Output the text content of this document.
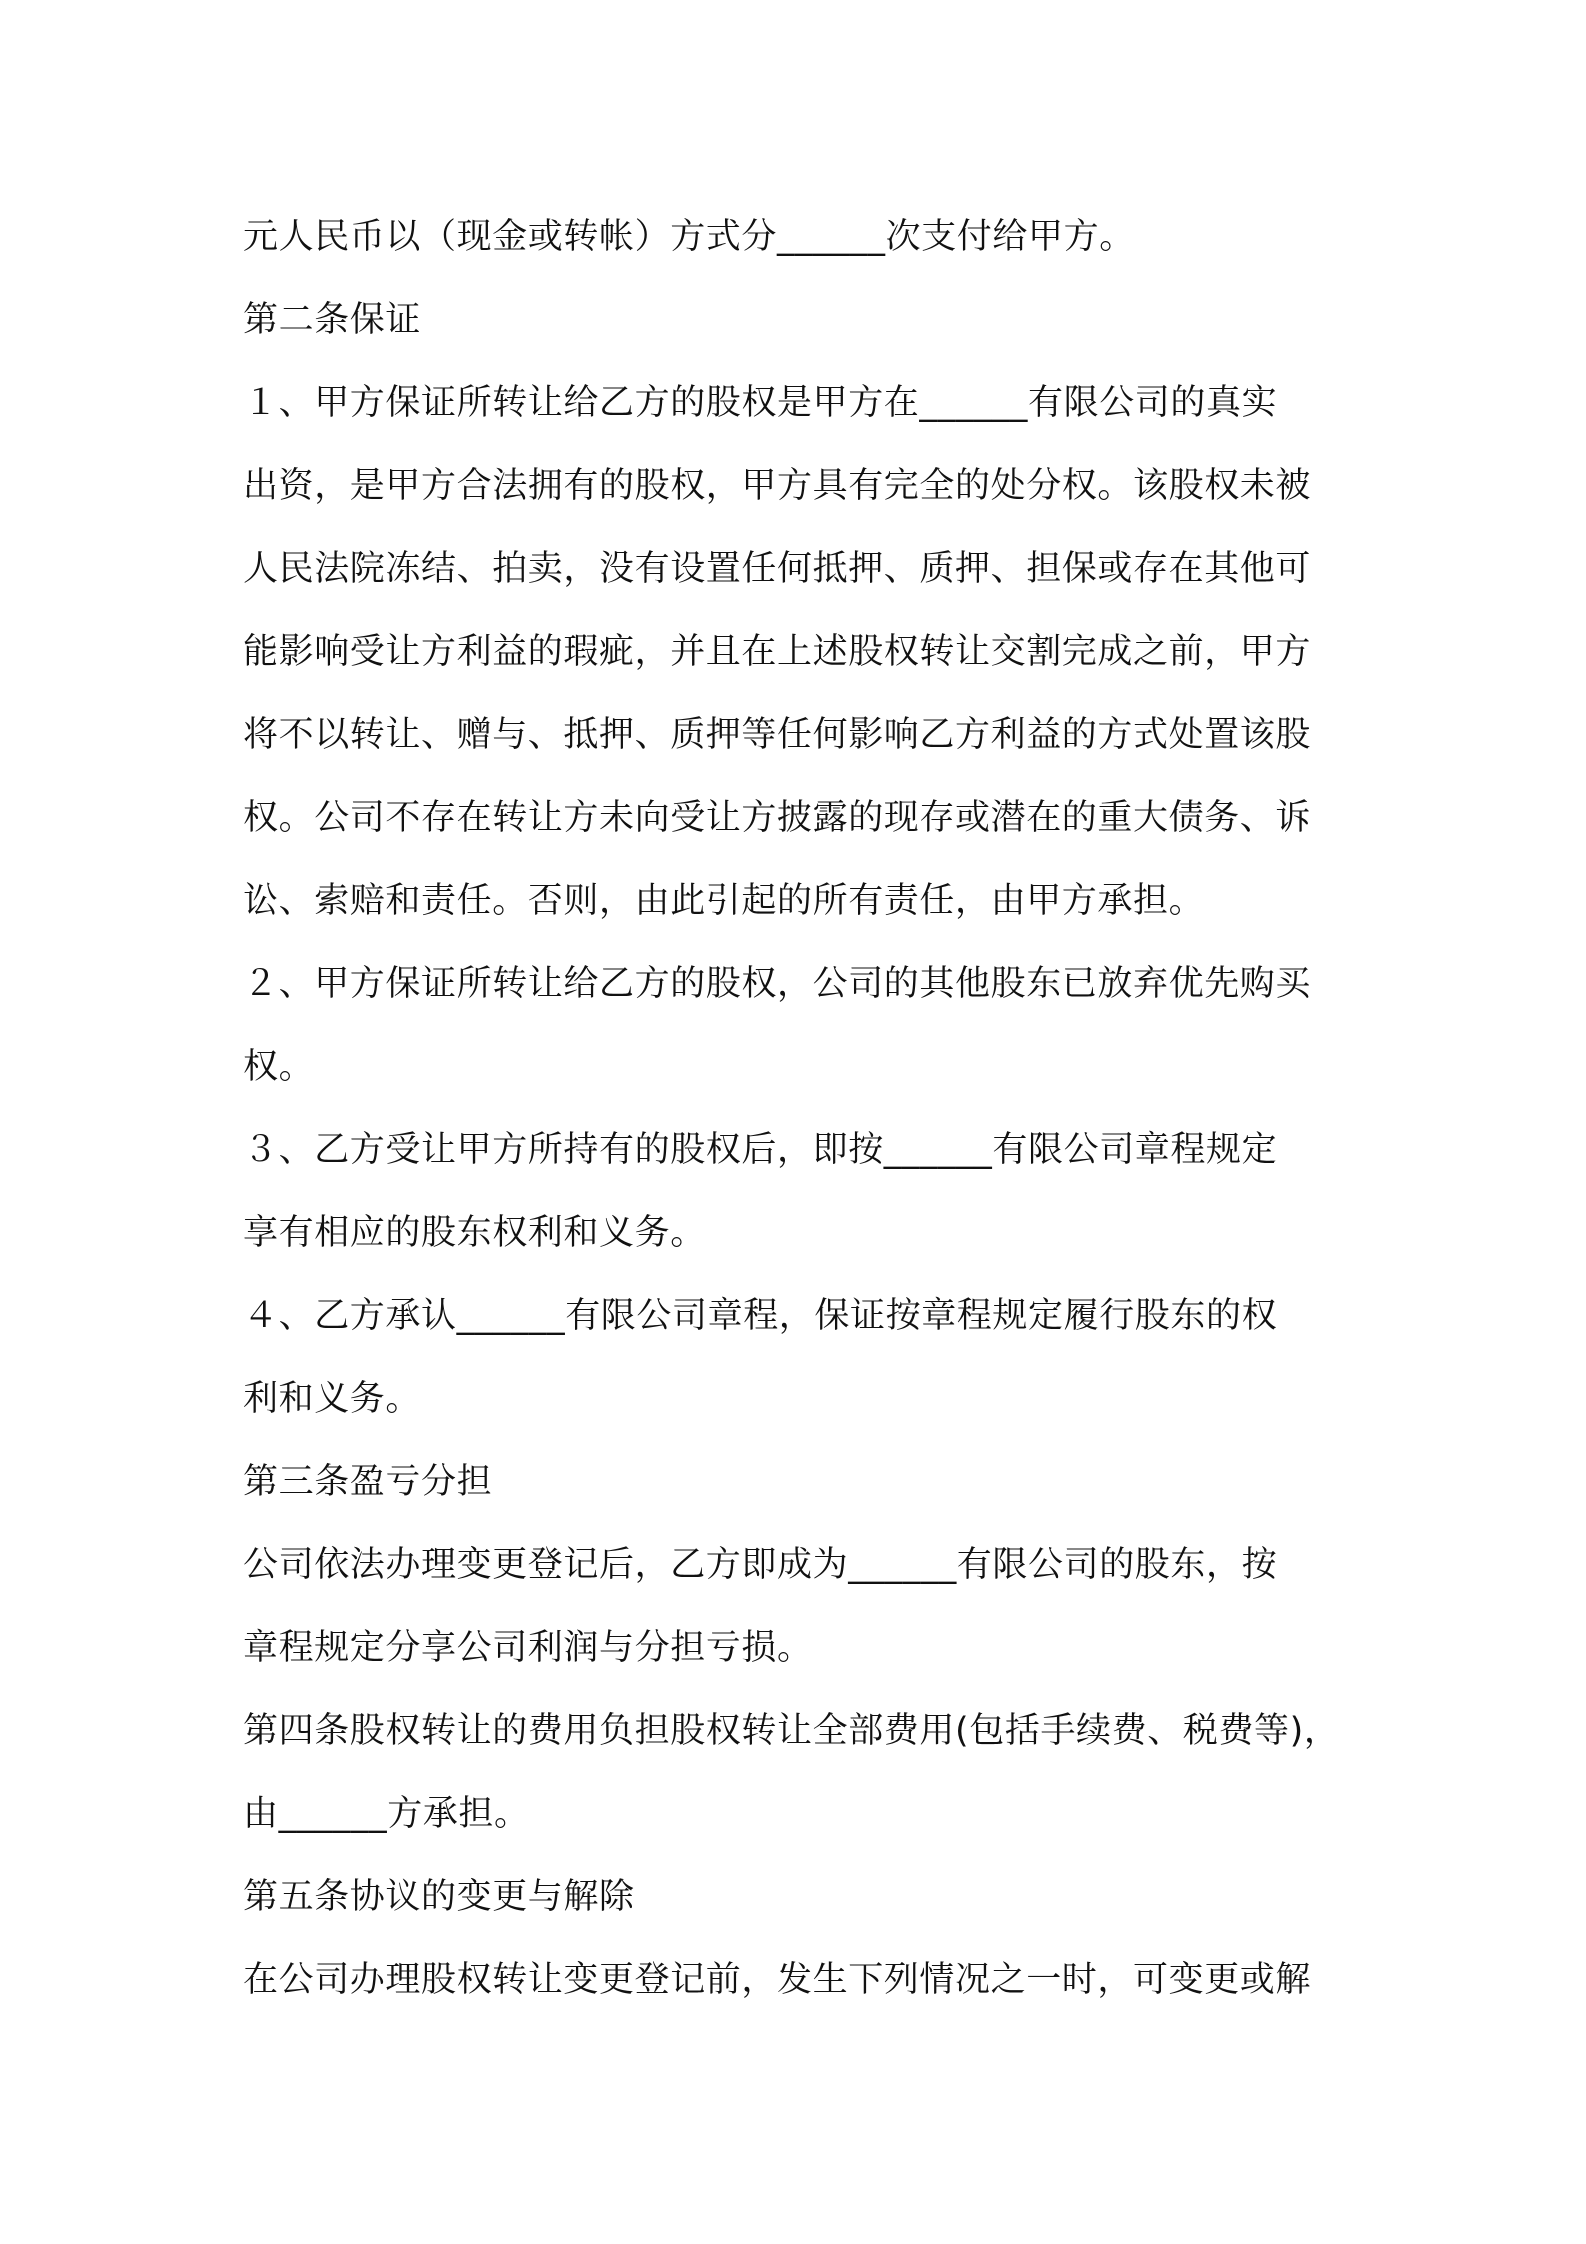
元人民币以（现金或转帐）方式分______次支付给甲方。
第二条保证
１、甲方保证所转让给乙方的股权是甲方在______有限公司的真实
出资，是甲方合法拥有的股权，甲方具有完全的处分权。该股权未被
人民法院冻结、拍卖，没有设置任何抵押、质押、担保或存在其他可
能影响受让方利益的瑕疵，并且在上述股权转让交割完成之前，甲方
将不以转让、赠与、抵押、质押等任何影响乙方利益的方式处置该股
权。公司不存在转让方未向受让方披露的现存或潜在的重大债务、诉
讼、索赔和责任。否则，由此引起的所有责任，由甲方承担。
２、甲方保证所转让给乙方的股权，公司的其他股东已放弃优先购买
权。
３、乙方受让甲方所持有的股权后，即按______有限公司章程规定
享有相应的股东权利和义务。
４、乙方承认______有限公司章程，保证按章程规定履行股东的权
利和义务。
第三条盈亏分担
公司依法办理变更登记后，乙方即成为______有限公司的股东，按
章程规定分享公司利润与分担亏损。
第四条股权转让的费用负担股权转让全部费用(包括手续费、税费等)，
由______方承担。
第五条协议的变更与解除
在公司办理股权转让变更登记前，发生下列情况之一时，可变更或解
